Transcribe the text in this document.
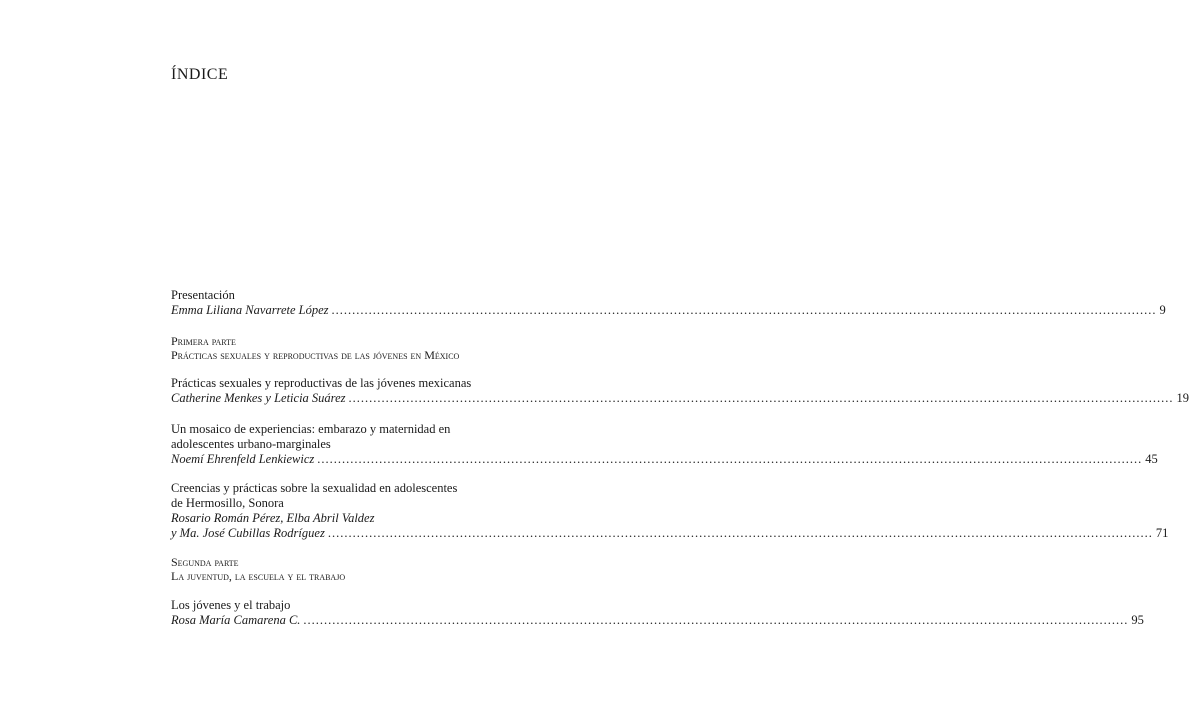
ÍNDICE
Presentación
Emma Liliana Navarrete López ........................................................................................................................................................................................................ 9
Primera parte
Prácticas sexuales y reproductivas de las jóvenes en México
Prácticas sexuales y reproductivas de las jóvenes mexicanas
Catherine Menkes y Leticia Suárez ........................................................................................................................................................................................................ 19
Un mosaico de experiencias: embarazo y maternidad en
adolescentes urbano-marginales
Noemí Ehrenfeld Lenkiewicz ........................................................................................................................................................................................................ 45
Creencias y prácticas sobre la sexualidad en adolescentes
de Hermosillo, Sonora
Rosario Román Pérez, Elba Abril Valdez
y Ma. José Cubillas Rodríguez ........................................................................................................................................................................................................ 71
Segunda parte
La juventud, la escuela y el trabajo
Los jóvenes y el trabajo
Rosa María Camarena C. ........................................................................................................................................................................................................ 95
